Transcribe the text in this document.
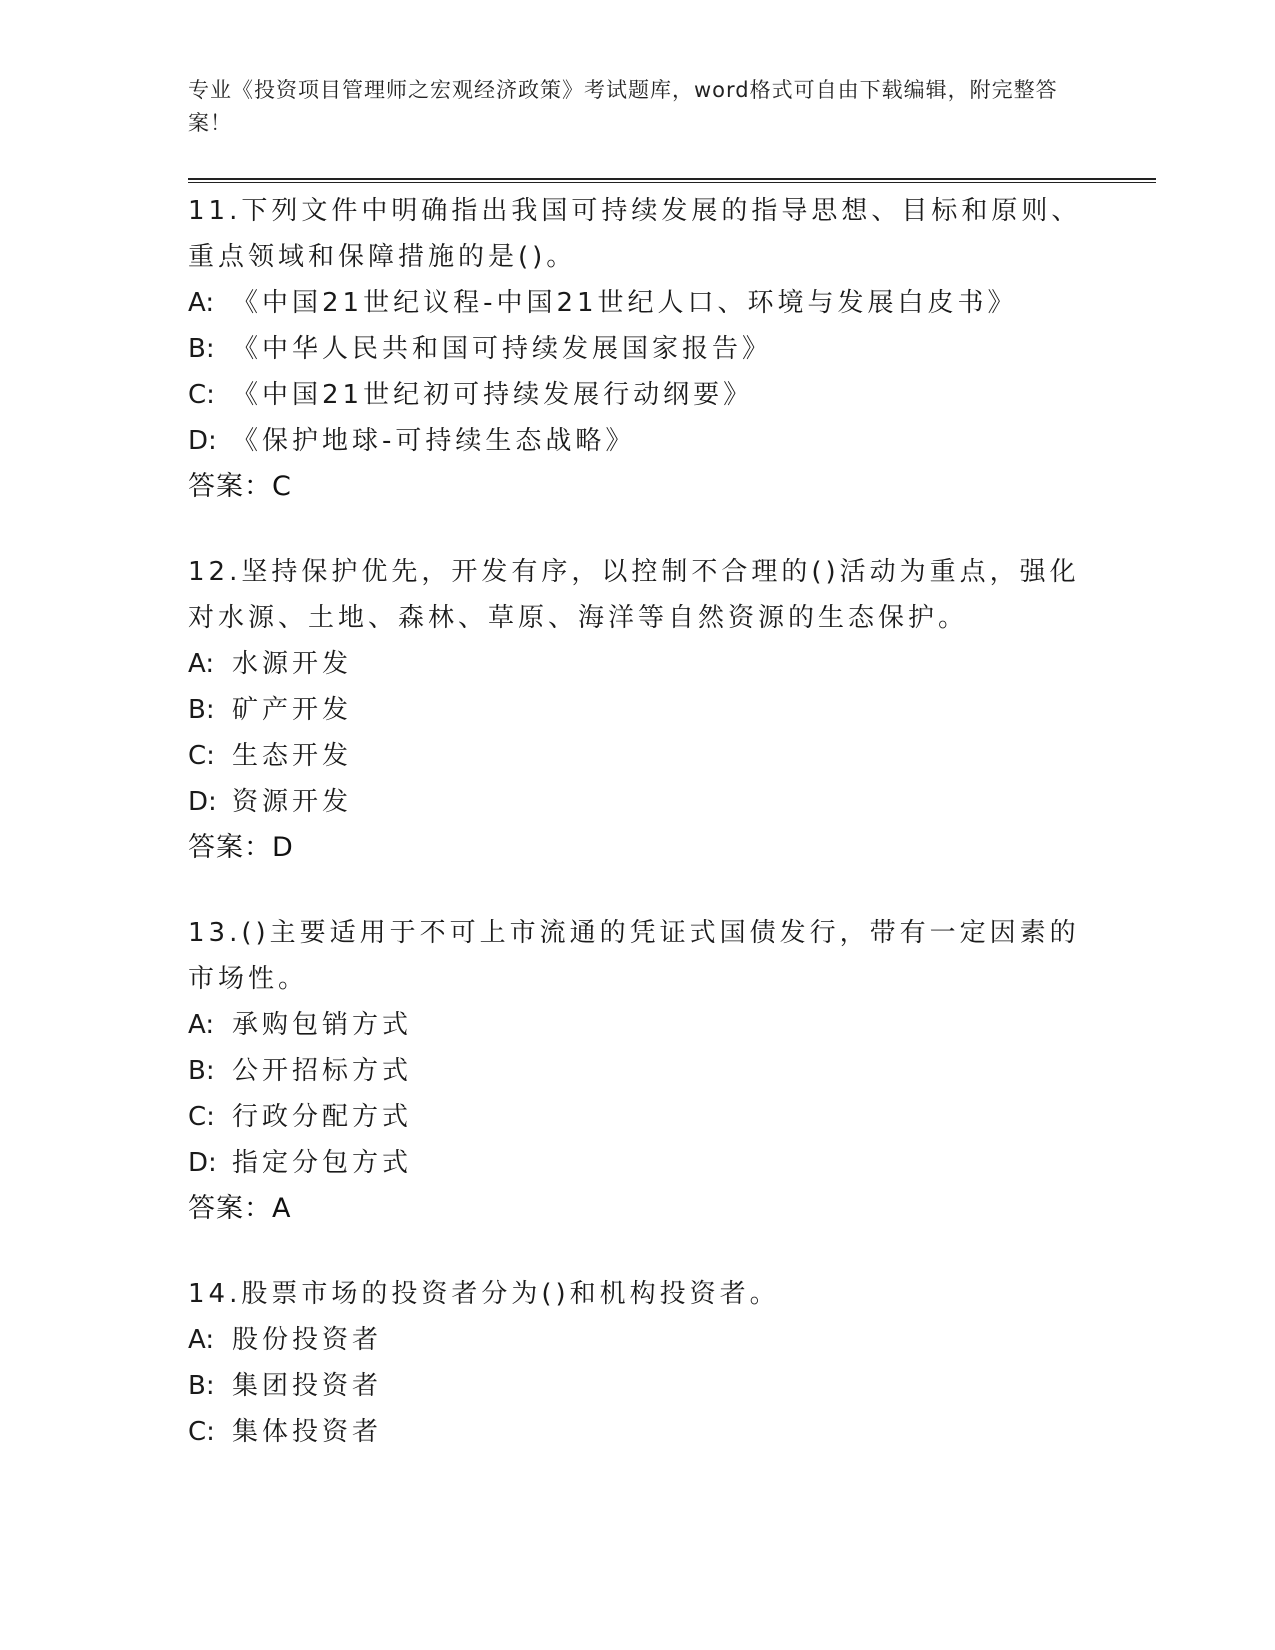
专业《投资项目管理师之宏观经济政策》考试题库，word格式可自由下载编辑，附完整答案！
11.下列文件中明确指出我国可持续发展的指导思想、目标和原则、重点领域和保障措施的是()。
A: 《中国21世纪议程-中国21世纪人口、环境与发展白皮书》
B: 《中华人民共和国可持续发展国家报告》
C: 《中国21世纪初可持续发展行动纲要》
D: 《保护地球-可持续生态战略》
答案：C
12.坚持保护优先，开发有序，以控制不合理的()活动为重点，强化对水源、土地、森林、草原、海洋等自然资源的生态保护。
A: 水源开发
B: 矿产开发
C: 生态开发
D: 资源开发
答案：D
13.()主要适用于不可上市流通的凭证式国债发行，带有一定因素的市场性。
A: 承购包销方式
B: 公开招标方式
C: 行政分配方式
D: 指定分包方式
答案：A
14.股票市场的投资者分为()和机构投资者。
A: 股份投资者
B: 集团投资者
C: 集体投资者
